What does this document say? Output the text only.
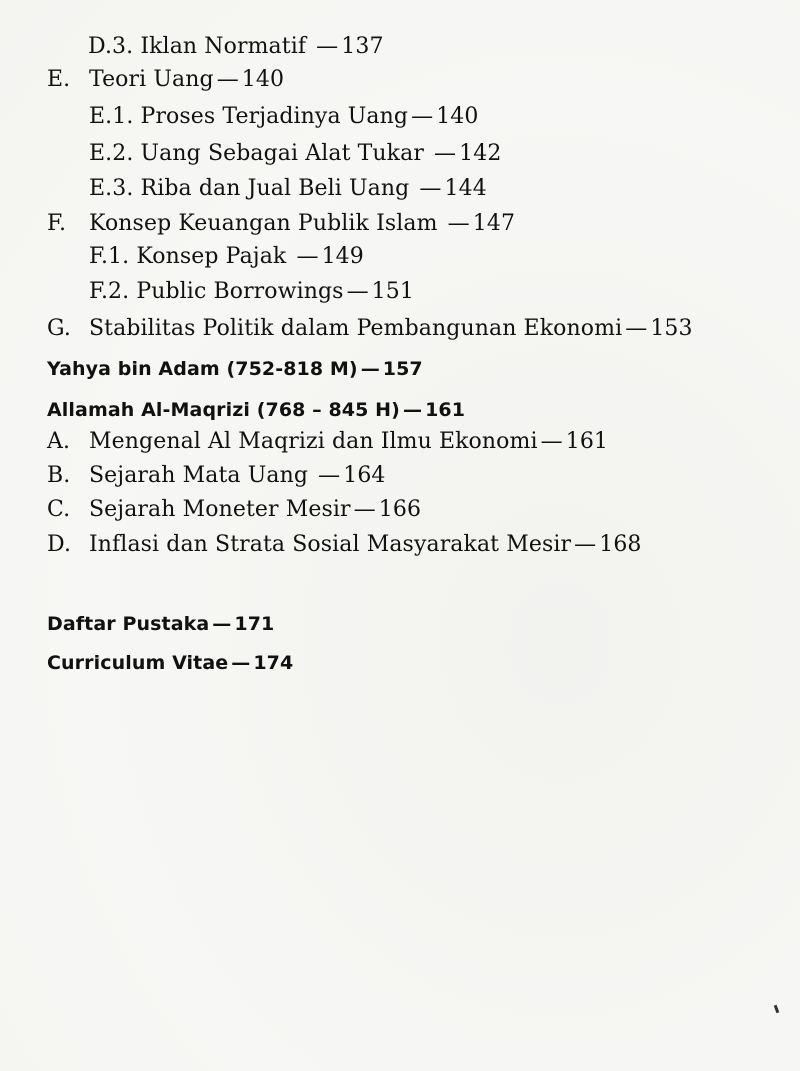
D.3. Iklan Normatif — 137
E. Teori Uang — 140
E.1. Proses Terjadinya Uang — 140
E.2. Uang Sebagai Alat Tukar — 142
E.3. Riba dan Jual Beli Uang — 144
F. Konsep Keuangan Publik Islam — 147
F.1. Konsep Pajak — 149
F.2. Public Borrowings — 151
G. Stabilitas Politik dalam Pembangunan Ekonomi — 153
Yahya bin Adam (752-818 M) — 157
Allamah Al-Maqrizi (768 – 845 H) — 161
A. Mengenal Al Maqrizi dan Ilmu Ekonomi — 161
B. Sejarah Mata Uang — 164
C. Sejarah Moneter Mesir — 166
D. Inflasi dan Strata Sosial Masyarakat Mesir — 168
Daftar Pustaka — 171
Curriculum Vitae — 174
